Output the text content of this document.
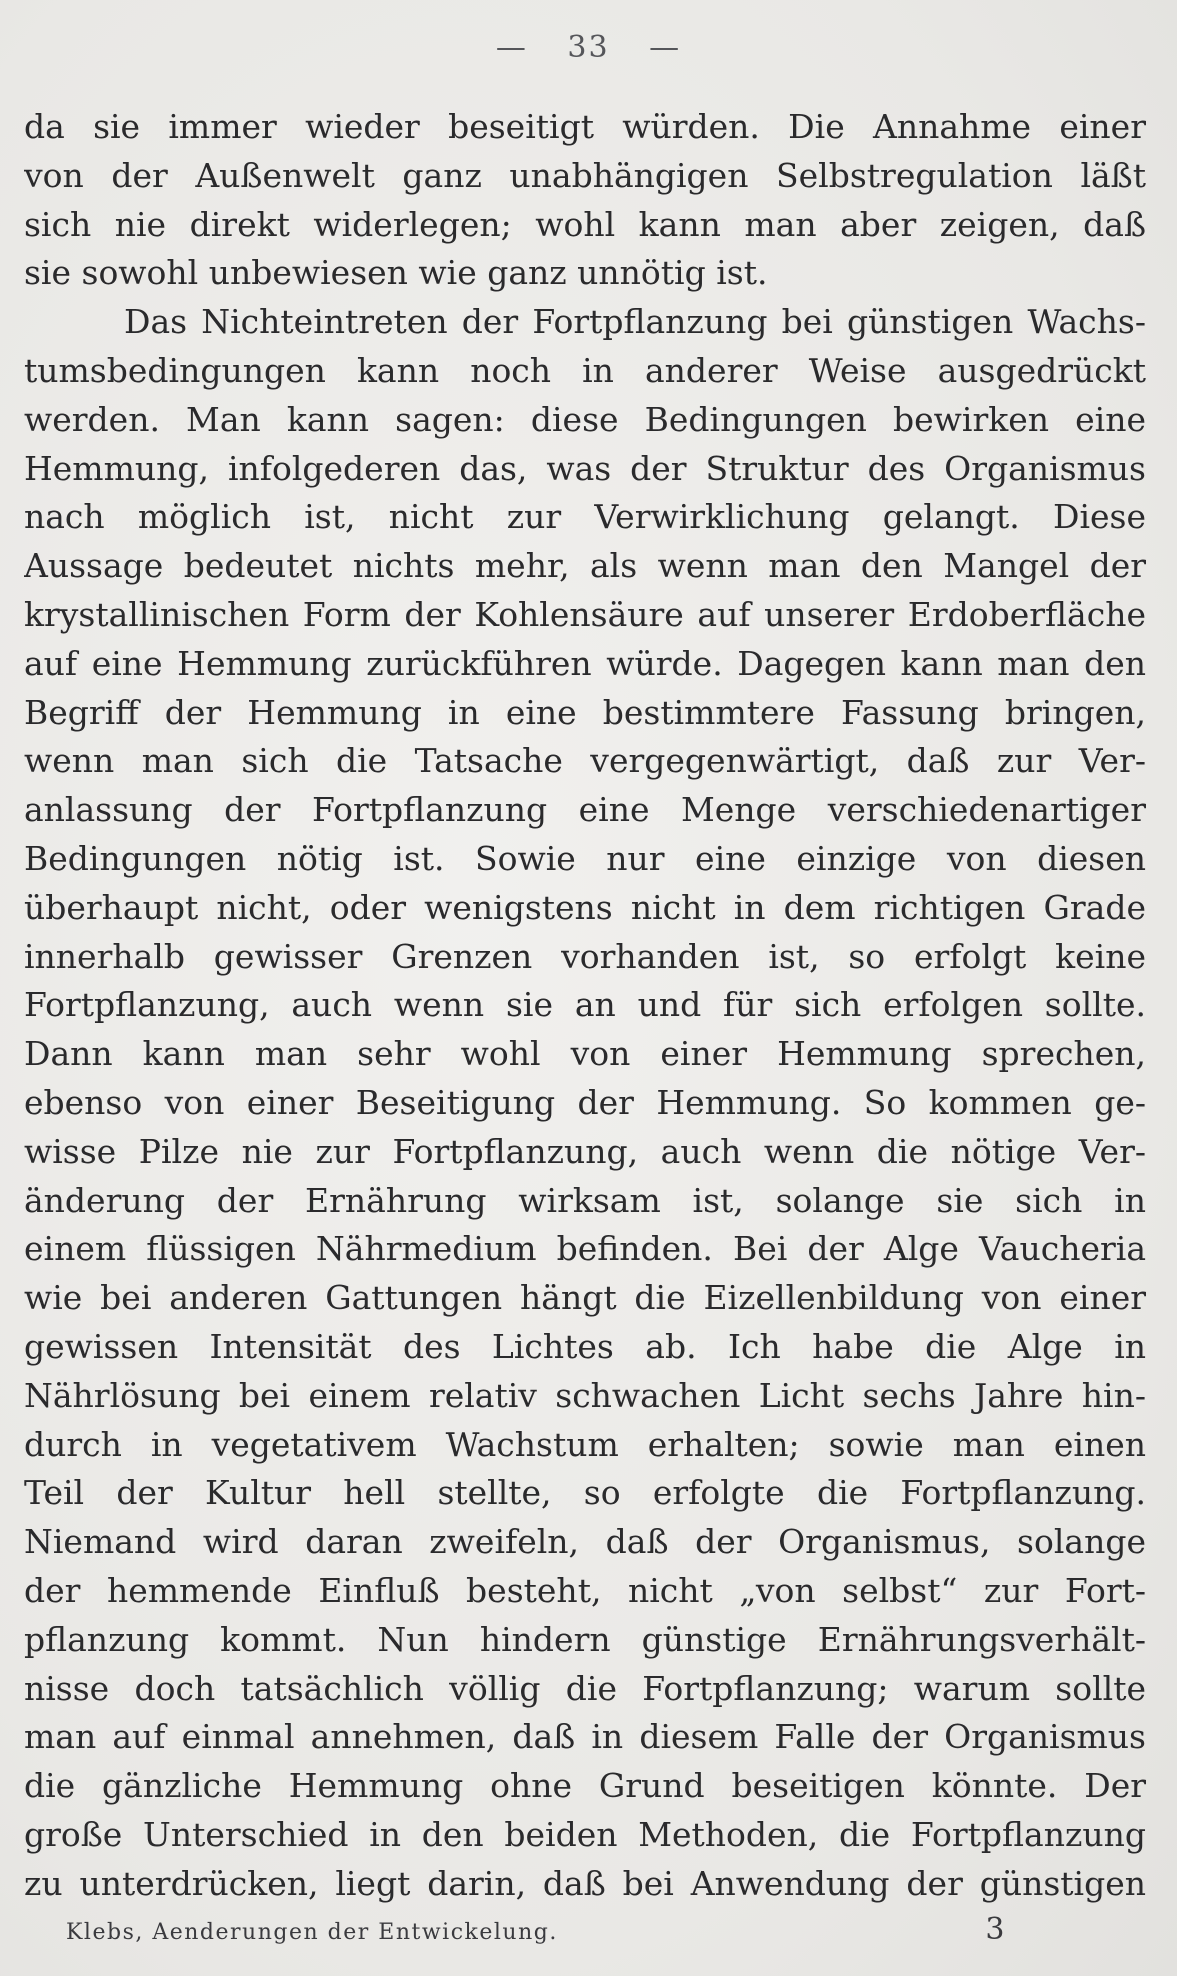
— 33 —
da sie immer wieder beseitigt würden. Die Annahme einer
von der Außenwelt ganz unabhängigen Selbstregulation läßt
sich nie direkt widerlegen; wohl kann man aber zeigen, daß
sie sowohl unbewiesen wie ganz unnötig ist.
Das Nichteintreten der Fortpflanzung bei günstigen Wachs-
tumsbedingungen kann noch in anderer Weise ausgedrückt
werden. Man kann sagen: diese Bedingungen bewirken eine
Hemmung, infolgederen das, was der Struktur des Organismus
nach möglich ist, nicht zur Verwirklichung gelangt. Diese
Aussage bedeutet nichts mehr, als wenn man den Mangel der
krystallinischen Form der Kohlensäure auf unserer Erdoberfläche
auf eine Hemmung zurückführen würde. Dagegen kann man den
Begriff der Hemmung in eine bestimmtere Fassung bringen,
wenn man sich die Tatsache vergegenwärtigt, daß zur Ver-
anlassung der Fortpflanzung eine Menge verschiedenartiger
Bedingungen nötig ist. Sowie nur eine einzige von diesen
überhaupt nicht, oder wenigstens nicht in dem richtigen Grade
innerhalb gewisser Grenzen vorhanden ist, so erfolgt keine
Fortpflanzung, auch wenn sie an und für sich erfolgen sollte.
Dann kann man sehr wohl von einer Hemmung sprechen,
ebenso von einer Beseitigung der Hemmung. So kommen ge-
wisse Pilze nie zur Fortpflanzung, auch wenn die nötige Ver-
änderung der Ernährung wirksam ist, solange sie sich in
einem flüssigen Nährmedium befinden. Bei der Alge Vaucheria
wie bei anderen Gattungen hängt die Eizellenbildung von einer
gewissen Intensität des Lichtes ab. Ich habe die Alge in
Nährlösung bei einem relativ schwachen Licht sechs Jahre hin-
durch in vegetativem Wachstum erhalten; sowie man einen
Teil der Kultur hell stellte, so erfolgte die Fortpflanzung.
Niemand wird daran zweifeln, daß der Organismus, solange
der hemmende Einfluß besteht, nicht „von selbst“ zur Fort-
pflanzung kommt. Nun hindern günstige Ernährungsverhält-
nisse doch tatsächlich völlig die Fortpflanzung; warum sollte
man auf einmal annehmen, daß in diesem Falle der Organismus
die gänzliche Hemmung ohne Grund beseitigen könnte. Der
große Unterschied in den beiden Methoden, die Fortpflanzung
zu unterdrücken, liegt darin, daß bei Anwendung der günstigen
Klebs, Aenderungen der Entwickelung.	3
